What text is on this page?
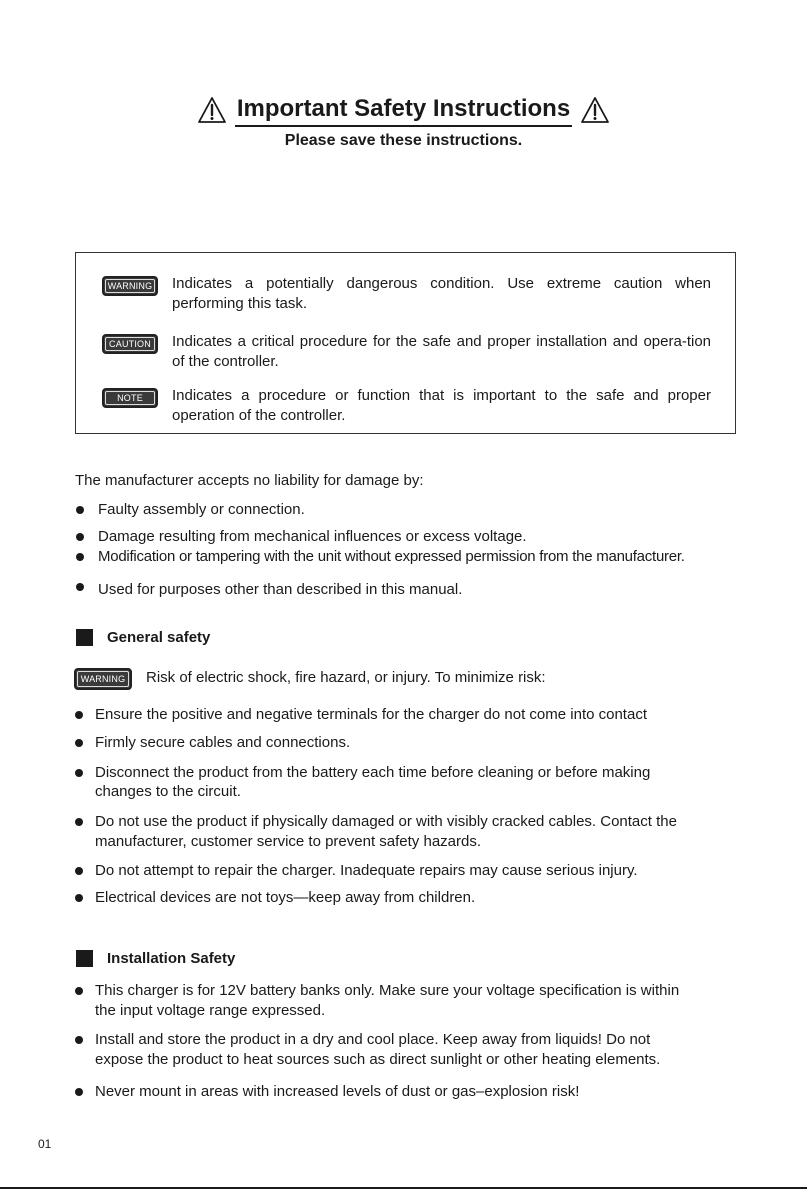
Important Safety Instructions
Please save these instructions.
WARNING Indicates a potentially dangerous condition. Use extreme caution when performing this task.
CAUTION Indicates a critical procedure for the safe and proper installation and opera-tion of the controller.
NOTE Indicates a procedure or function that is important to the safe and proper operation of the controller.
The manufacturer accepts no liability for damage by:
Faulty assembly or connection.
Damage resulting from mechanical influences or excess voltage.
Modification or tampering with the unit without expressed permission from the manufacturer.
Used for purposes other than described in this manual.
General safety
WARNING Risk of electric shock, fire hazard, or injury. To minimize risk:
Ensure the positive and negative terminals for the charger do not come into contact
Firmly secure cables and connections.
Disconnect the product from the battery each time before cleaning or before making
changes to the circuit.
Do not use the product if physically damaged or with visibly cracked cables. Contact the
manufacturer, customer service to prevent safety hazards.
Do not attempt to repair the charger. Inadequate repairs may cause serious injury.
Electrical devices are not toys—keep away from children.
Installation Safety
This charger is for 12V battery banks only. Make sure your voltage specification is within
the input voltage range expressed.
Install and store the product in a dry and cool place. Keep away from liquids! Do not
expose the product to heat sources such as direct sunlight or other heating elements.
Never mount in areas with increased levels of dust or gas–explosion risk!
01
